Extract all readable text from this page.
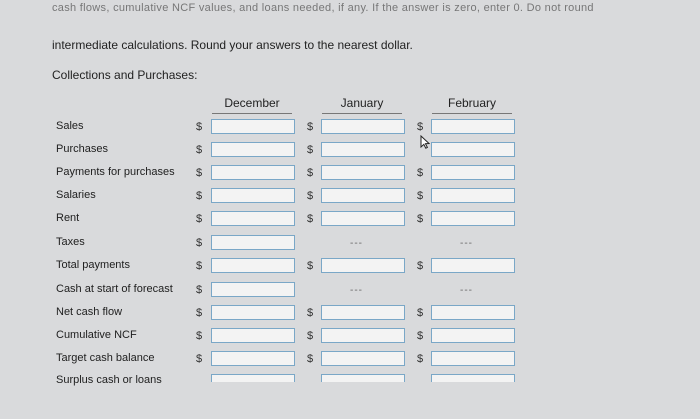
cash flows, cumulative NCF values, and loans needed, if any. If the answer is zero, enter 0. Do not round
intermediate calculations. Round your answers to the nearest dollar.
Collections and Purchases:
December	January	February
Sales
Purchases
Payments for purchases
Salaries
Rent
Taxes
Total payments
Cash at start of forecast
Net cash flow
Cumulative NCF
Target cash balance
Surplus cash or loans
$
$
$
$
$
$
$
$
$
$
$
$
$
$
$
$
$
$
$
$
---
---
$
$
$
$
$
$
$
$
---
---
